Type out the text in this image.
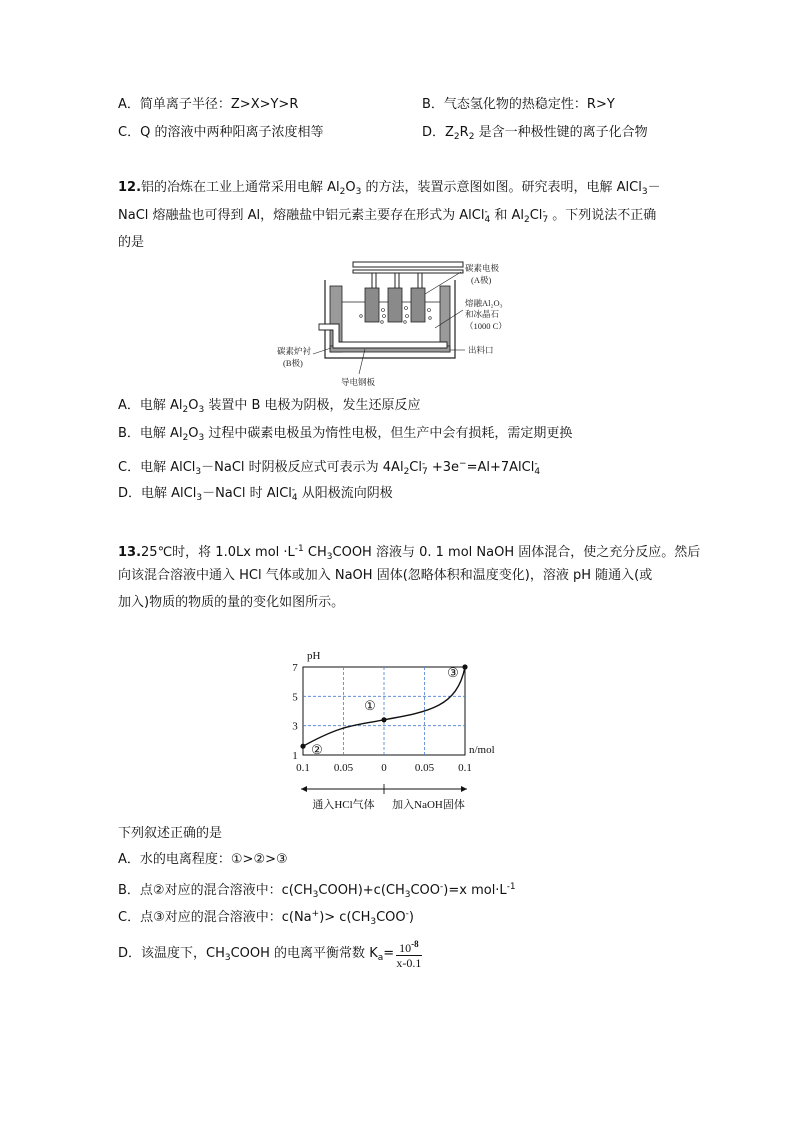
A．简单离子半径：Z>X>Y>R	B．气态氢化物的热稳定性：R>Y
C．Q 的溶液中两种阳离子浓度相等	D．$Z_2R_2$ 是含一种极性键的离子化合物
12.铝的冶炼在工业上通常采用电解 $Al_2O_3$ 的方法，装置示意图如图。研究表明，电解 AlCl$_3$－
NaCl 熔融盐也可得到 Al，熔融盐中铝元素主要存在形式为 AlCl -
4 和 $Al_2Cl$ -
7 。下列说法不正确
的是
碳素电极
(A极)
熔融Al₂O₃
和冰晶石
（1000 C）
出料口
碳素炉衬
(B极)
导电钢板
A．电解 $Al_2O_3$ 装置中 B 电极为阴极，发生还原反应
B．电解 $Al_2O_3$ 过程中碳素电极虽为惰性电极，但生产中会有损耗，需定期更换
C．电解 AlCl$_3$－NaCl 时阴极反应式可表示为 $4Al_2Cl$ -
7 +3e−=Al+7AlCl -
4
D．电解 AlCl$_3$－NaCl 时 AlCl -
4 从阳极流向阴极
13.25℃时，将 1.0Lx mol $\cdot L^{-1}$ $CH_3COOH$ 溶液与 0. 1 mol NaOH 固体混合，使之充分反应。然后
向该混合溶液中通入 HCl 气体或加入 NaOH 固体(忽略体积和温度变化)，溶液 pH 随通入(或
加入)物质的物质的量的变化如图所示。
1
3
5
7
0.1 0.05	0	0.05 0.1
pH
n/mol
通入HCl气体 加入NaOH固体
②
①
③
下列叙述正确的是
A．水的电离程度：①>②>③
B．点②对应的混合溶液中：$c(CH_3COOH)+c(CH_3COO^-)=x$ $mol\cdot L^{-1}$
C．点③对应的混合溶液中：$c(Na^+)> c(CH_3COO^-)$
D．该温度下，$CH_3COOH$ 的电离平衡常数 $K_a= \frac{10^{-8}}{x-0.1}$
